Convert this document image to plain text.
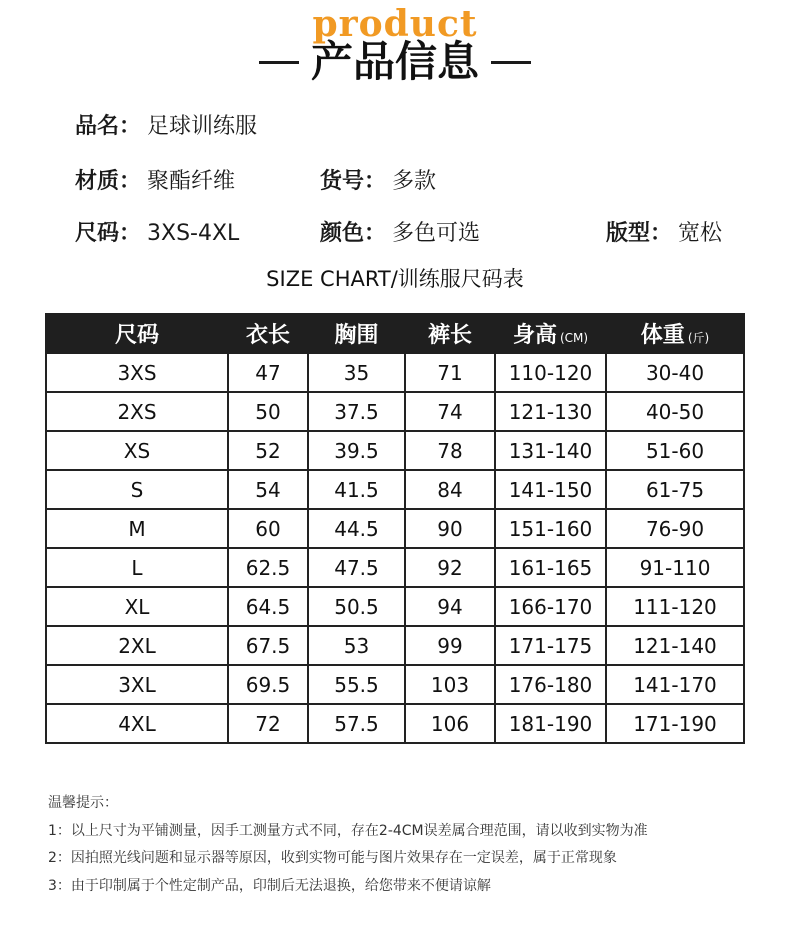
product
产品信息
品名： 足球训练服
材质： 聚酯纤维	货号： 多款
尺码： 3XS-4XL	颜色： 多色可选	版型： 宽松
SIZE CHART/训练服尺码表
尺码	衣长	胸围	裤长	身高 (CM)	体重 (斤)
3XS	47	35	71	110-120	30-40
2XS	50	37.5	74	121-130	40-50
XS	52	39.5	78	131-140	51-60
S	54	41.5	84	141-150	61-75
M	60	44.5	90	151-160	76-90
L	62.5	47.5	92	161-165	91-110
XL	64.5	50.5	94	166-170	111-120
2XL	67.5	53	99	171-175	121-140
3XL	69.5	55.5	103	176-180	141-170
4XL	72	57.5	106	181-190	171-190
温馨提示：
1：以上尺寸为平铺测量，因手工测量方式不同，存在2-4CM误差属合理范围，请以收到实物为准
2：因拍照光线问题和显示器等原因，收到实物可能与图片效果存在一定误差，属于正常现象
3：由于印制属于个性定制产品，印制后无法退换，给您带来不便请谅解
